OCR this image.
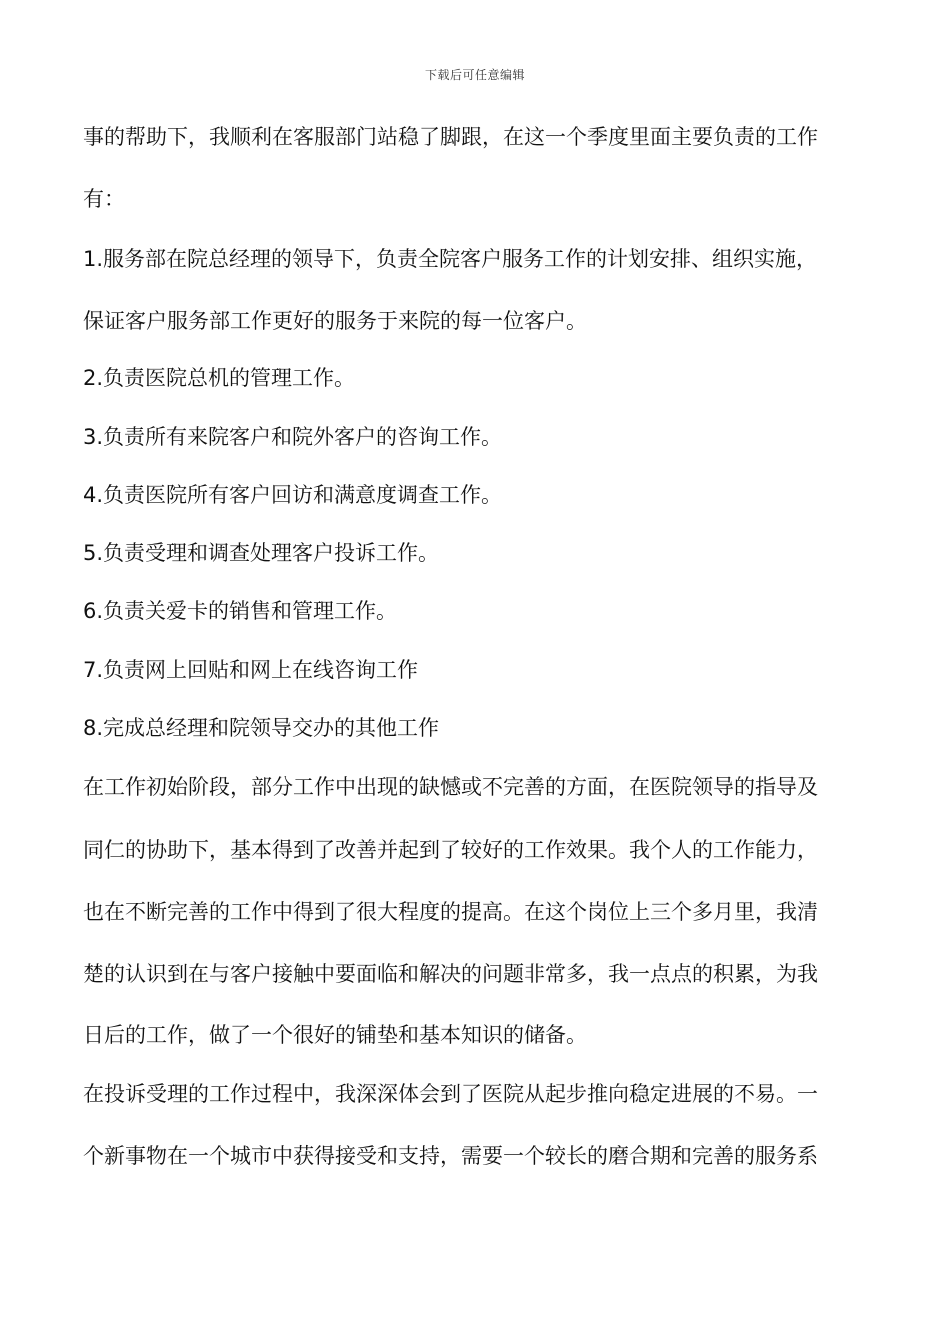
下载后可任意编辑
事的帮助下，我顺利在客服部门站稳了脚跟，在这一个季度里面主要负责的工作
有：
1.服务部在院总经理的领导下，负责全院客户服务工作的计划安排、组织实施，
保证客户服务部工作更好的服务于来院的每一位客户。
2.负责医院总机的管理工作。
3.负责所有来院客户和院外客户的咨询工作。
4.负责医院所有客户回访和满意度调查工作。
5.负责受理和调查处理客户投诉工作。
6.负责关爱卡的销售和管理工作。
7.负责网上回贴和网上在线咨询工作
8.完成总经理和院领导交办的其他工作
在工作初始阶段，部分工作中出现的缺憾或不完善的方面，在医院领导的指导及
同仁的协助下，基本得到了改善并起到了较好的工作效果。我个人的工作能力，
也在不断完善的工作中得到了很大程度的提高。在这个岗位上三个多月里，我清
楚的认识到在与客户接触中要面临和解决的问题非常多，我一点点的积累，为我
日后的工作，做了一个很好的铺垫和基本知识的储备。
在投诉受理的工作过程中，我深深体会到了医院从起步推向稳定进展的不易。一
个新事物在一个城市中获得接受和支持，需要一个较长的磨合期和完善的服务系
